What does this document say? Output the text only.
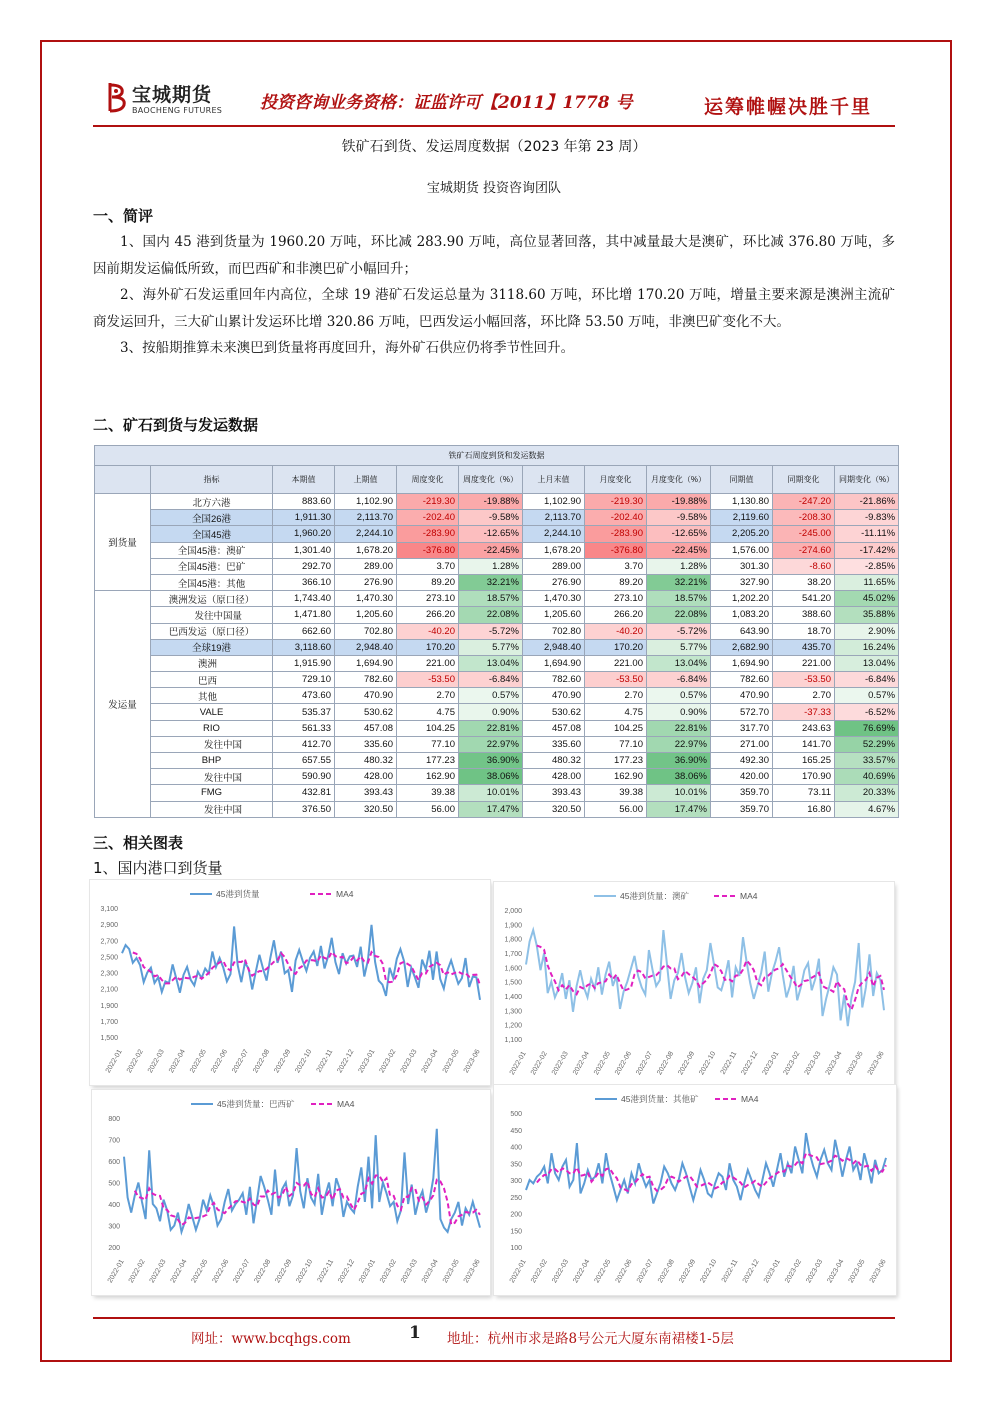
宝城期货
BAOCHENG FUTURES 投资咨询业务资格：证监许可【2011】1778 号	运筹帷幄决胜千里
铁矿石到货、发运周度数据（2023 年第 23 周）
宝城期货 投资咨询团队
一、简评

1、国内 45 港到货量为 1960.20 万吨，环比减 283.90 万吨，高位显著回落，其中减量最大是澳矿，环比减 376.80 万吨，多因前期发运偏低所致，而巴西矿和非澳巴矿小幅回升；

2、海外矿石发运重回年内高位，全球 19 港矿石发运总量为 3118.60 万吨，环比增 170.20 万吨，增量主要来源是澳洲主流矿商发运回升，三大矿山累计发运环比增 320.86 万吨，巴西发运小幅回落，环比降 53.50 万吨，非澳巴矿变化不大。

3、按船期推算未来澳巴到货量将再度回升，海外矿石供应仍将季节性回升。

二、矿石到货与发运数据
铁矿石周度到货和发运数据											
	指标	本期值	上期值	周度变化	周度变化（%）	上月末值	月度变化	月度变化（%）	同期值	同期变化	同期变化（%）
到货量	北方六港	883.60	1,102.90	-219.30	-19.88%	1,102.90	-219.30	-19.88%	1,130.80	-247.20	-21.86%
	全国26港	1,911.30	2,113.70	-202.40	-9.58%	2,113.70	-202.40	-9.58%	2,119.60	-208.30	-9.83%
	全国45港	1,960.20	2,244.10	-283.90	-12.65%	2,244.10	-283.90	-12.65%	2,205.20	-245.00	-11.11%
	全国45港：澳矿	1,301.40	1,678.20	-376.80	-22.45%	1,678.20	-376.80	-22.45%	1,576.00	-274.60	-17.42%
	全国45港：巴矿	292.70	289.00	3.70	1.28%	289.00	3.70	1.28%	301.30	-8.60	-2.85%
	全国45港：其他	366.10	276.90	89.20	32.21%	276.90	89.20	32.21%	327.90	38.20	11.65%
发运量	澳洲发运（原口径）	1,743.40	1,470.30	273.10	18.57%	1,470.30	273.10	18.57%	1,202.20	541.20	45.02%
	发往中国量	1,471.80	1,205.60	266.20	22.08%	1,205.60	266.20	22.08%	1,083.20	388.60	35.88%
	巴西发运（原口径）	662.60	702.80	-40.20	-5.72%	702.80	-40.20	-5.72%	643.90	18.70	2.90%
	全球19港	3,118.60	2,948.40	170.20	5.77%	2,948.40	170.20	5.77%	2,682.90	435.70	16.24%
	澳洲	1,915.90	1,694.90	221.00	13.04%	1,694.90	221.00	13.04%	1,694.90	221.00	13.04%
	巴西	729.10	782.60	-53.50	-6.84%	782.60	-53.50	-6.84%	782.60	-53.50	-6.84%
	其他	473.60	470.90	2.70	0.57%	470.90	2.70	0.57%	470.90	2.70	0.57%
	VALE	535.37	530.62	4.75	0.90%	530.62	4.75	0.90%	572.70	-37.33	-6.52%
	RIO	561.33	457.08	104.25	22.81%	457.08	104.25	22.81%	317.70	243.63	76.69%
	发往中国	412.70	335.60	77.10	22.97%	335.60	77.10	22.97%	271.00	141.70	52.29%
	BHP	657.55	480.32	177.23	36.90%	480.32	177.23	36.90%	492.30	165.25	33.57%
	发往中国	590.90	428.00	162.90	38.06%	428.00	162.90	38.06%	420.00	170.90	40.69%
	FMG	432.81	393.43	39.38	10.01%	393.43	39.38	10.01%	359.70	73.11	20.33%
	发往中国	376.50	320.50	56.00	17.47%	320.50	56.00	17.47%	359.70	16.80	4.67%
三、相关图表
1、国内港口到货量
3,100
2,900
2,700
2,500
2,300
2,100
1,900
1,700
1,500
2022-01 2022-02 2022-03 2022-04 2022-05 2022-06 2022-07 2022-08 2022-09 2022-10 2022-11 2022-12 2023-01 2023-02 2023-03 2023-04 2023-05 2023-06
45港到货量	MA4
2,000
1,900
1,800
1,700
1,600
1,500
1,400
1,300
1,200
1,100
2022-01 2022-02 2022-03 2022-04 2022-05 2022-06 2022-07 2022-08 2022-09 2022-10 2022-11 2022-12 2023-01 2023-02 2023-03 2023-04 2023-05 2023-06
45港到货量：澳矿	MA4
800
700
600
500
400
300
200
2022-01 2022-02 2022-03 2022-04 2022-05 2022-06 2022-07 2022-08 2022-09 2022-10 2022-11 2022-12 2023-01 2023-02 2023-03 2023-04 2023-05 2023-06
45港到货量：巴西矿	MA4
500
450
400
350
300
250
200
150
100
2022-01 2022-02 2022-03 2022-04 2022-05 2022-06 2022-07 2022-08 2022-09 2022-10 2022-11 2022-12 2023-01 2023-02 2023-03 2023-04 2023-05 2023-06
45港到货量：其他矿	MA4
网址：www.bcqhgs.com	1 地址：杭州市求是路8号公元大厦东南裙楼1-5层
